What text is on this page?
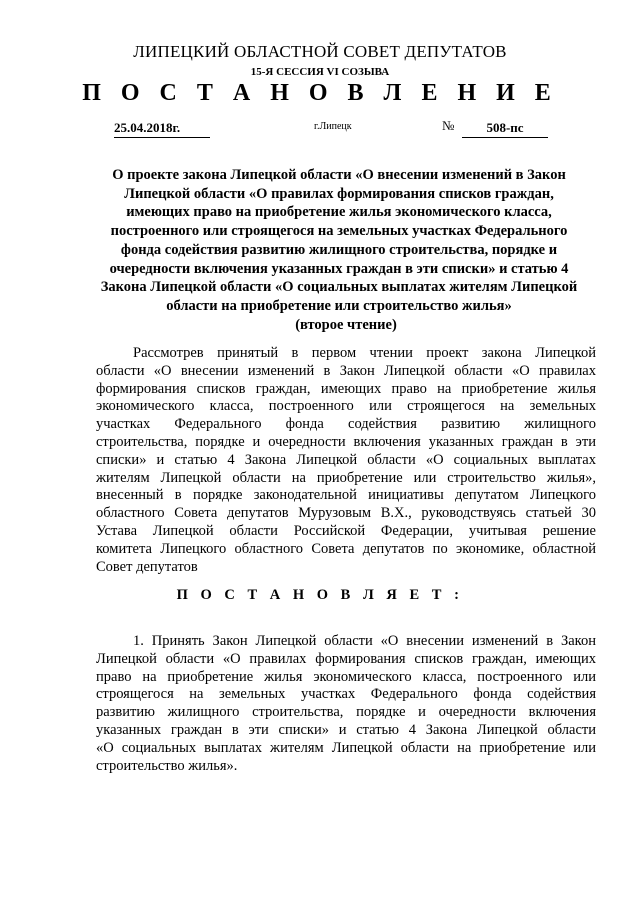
ЛИПЕЦКИЙ ОБЛАСТНОЙ СОВЕТ ДЕПУТАТОВ
15-Я СЕССИЯ VI СОЗЫВА
П О С Т А Н О В Л Е Н И Е
25.04.2018г.	г.Липецк	№	508-пс
О проекте закона Липецкой области «О внесении изменений в Закон
Липецкой области «О правилах формирования списков граждан,
имеющих право на приобретение жилья экономического класса,
построенного или строящегося на земельных участках Федерального
фонда содействия развитию жилищного строительства, порядке и
очередности включения указанных граждан в эти списки» и статью 4
Закона Липецкой области «О социальных выплатах жителям Липецкой
области на приобретение или строительство жилья»
(второе чтение)
Рассмотрев принятый в первом чтении проект закона Липецкой
области «О внесении изменений в Закон Липецкой области «О правилах
формирования списков граждан, имеющих право на приобретение жилья
экономического класса, построенного или строящегося на земельных
участках Федерального фонда содействия развитию жилищного
строительства, порядке и очередности включения указанных граждан в эти
списки» и статью 4 Закона Липецкой области «О социальных выплатах
жителям Липецкой области на приобретение или строительство жилья»,
внесенный в порядке законодательной инициативы депутатом Липецкого
областного Совета депутатов Мурузовым В.Х., руководствуясь статьей 30
Устава Липецкой области Российской Федерации, учитывая решение
комитета Липецкого областного Совета депутатов по экономике, областной
Совет депутатов
П О С Т А Н О В Л Я Е Т :
1. Принять Закон Липецкой области «О внесении изменений в Закон
Липецкой области «О правилах формирования списков граждан, имеющих
право на приобретение жилья экономического класса, построенного или
строящегося на земельных участках Федерального фонда содействия
развитию жилищного строительства, порядке и очередности включения
указанных граждан в эти списки» и статью 4 Закона Липецкой области
«О социальных выплатах жителям Липецкой области на приобретение или
строительство жилья».
